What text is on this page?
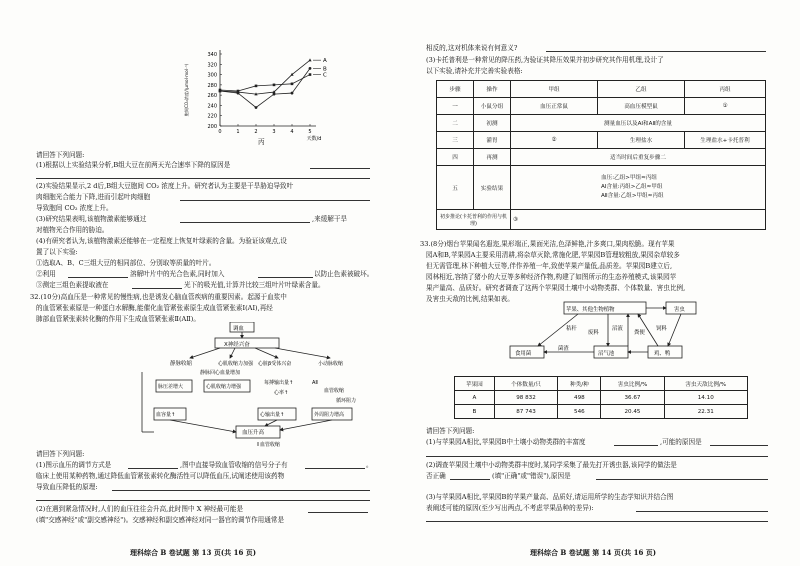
340
320
300
280
260
240
220
200
0	1	2	3	4	5
天数/d
胞间CO₂浓度/(μmol·mol⁻¹)
A
B
C
丙
请回答下列问题:
(1)根据以上实验结果分析,B组大豆在前两天光合速率下降的原因是
(2)实验结果显示,2 d后,B组大豆胞间 CO₂ 浓度上升。研究者认为主要是干旱胁迫导致叶
肉细胞光合能力下降,进而引起叶肉细胞
导致胞间 CO₂ 浓度上升。
(3)研究结果表明,该植物激素能够通过	,来缓解干旱
对植物光合作用的胁迫。
(4)有研究者认为,该植物激素还能够在一定程度上恢复叶绿素的含量。为验证该观点,设
置了以下实验:
①选取A、B、C三组大豆的相同部位、分别取等质量的叶片。
②利用	溶解叶片中的光合色素,同时加入	以防止色素被破坏。
③测定三组色素提取液在	光下的吸光值,计算并比较三组叶片叶绿素含量。
32.(10分)高血压是一种常见的慢性病,也是诱发心脑血管疾病的重要因素。起源于血浆中
的血管紧张素原是一种蛋白水解酶,能催化血管紧张素原生成血管紧张素Ⅰ(AⅠ),再经
肺部血管紧张素转化酶的作用下生成血管紧张素Ⅱ(AⅡ)。
调血
X神经兴奋
静脉收缩	心肌收缩力加强 心脏β受体兴奋	小动脉收缩
静脉回心血量增加
心肌收缩力增强
脉压差增大
每搏输出量↑
心率↑
AⅡ
血管收缩
循环阻力
血容量↑	心输出量↑	外周阻力增高
血压升高
血管收缩
请回答下列问题:
(1)图示血压的调节方式是	,图中直接导致血管收缩的信号分子有	。
临床上使用某种药物,通过降低血管紧张素转化酶活性可以降低血压,试阐述使用该药物
导致血压降低的原理:
(2)在遇到紧急情况时,人们的血压往往会升高,此时图中 X 神经最可能是
(填"交感神经"或"副交感神经")。交感神经和副交感神经对同一器官的调节作用通常是
理科综合 B 卷试题 第 13 页(共 16 页)
相反的,这对机体来说有何意义?
(3)卡托普利是一种常见的降压药,为验证其降压效果并初步研究其作用机理,设计了
以下实验,请补充并完善实验表格:
步骤	操作	甲组	乙组	丙组
一	小鼠分组	血压正常鼠	高血压模型鼠	①
二	初测	测量血压以及AⅠ和AⅡ的含量		
三	灌胃	②	生理盐水	生理盐水+卡托普利
四	再测	适当时间后重复步骤二		
五	实验结果	血压:乙组>甲组≈丙组
AⅠ含量:丙组>乙组≈甲组
AⅡ含量:乙组>甲组≈丙组		

初步推论(卡托普利的作用与机理)		③		
33.(8分)烟台苹果闻名遐迩,果形端正,果面光洁,色泽鲜艳,汁多爽口,果肉松脆。现有苹果
园A和B,苹果园A主要采用清耕,将杂草灭除,常施化肥,苹果园B管理较粗放,果园杂草较多
但无需管理,林下种植大豆等,伴作养殖一年,致使苹果产量低,品质差。苹果园B建立后,
园林相近,容纳了猪小的大豆等多种经济作物,构建了如图所示的生态养殖模式,该果园苹
果产量高、品质好。研究者调查了这两个苹果园土壤中小动物类群、个体数量、害虫比例,
及害虫天敌的比例,结果如表。
苹果、其他生物植物	害虫
食用菌	沼气池	鸡、鸭
秸秆
废料
沼液
粪便
饲料
菌渣
苹果园	个体数量/只	种类/种	害虫比例/%	害虫天敌比例/%
A	98 832	498	36.67	14.10
B	87 743	546	20.45	22.31
请回答下列问题:
(1)与苹果园A相比,苹果园B中土壤小动物类群的丰富度	,可能的原因是
(2)调查苹果园土壤中小动物类群丰度时,某同学采集了最先打开诱虫器,该同学的做法是
否正确	(填"正确"或"错误"),原因是
(3)与苹果园A相比,苹果园B的苹果产量高、品质好,请运用所学的生态学知识并结合图
表阐述可能的原因(至少写出两点,不考虑苹果品种的差异):
理科综合 B 卷试题 第 14 页(共 16 页)
